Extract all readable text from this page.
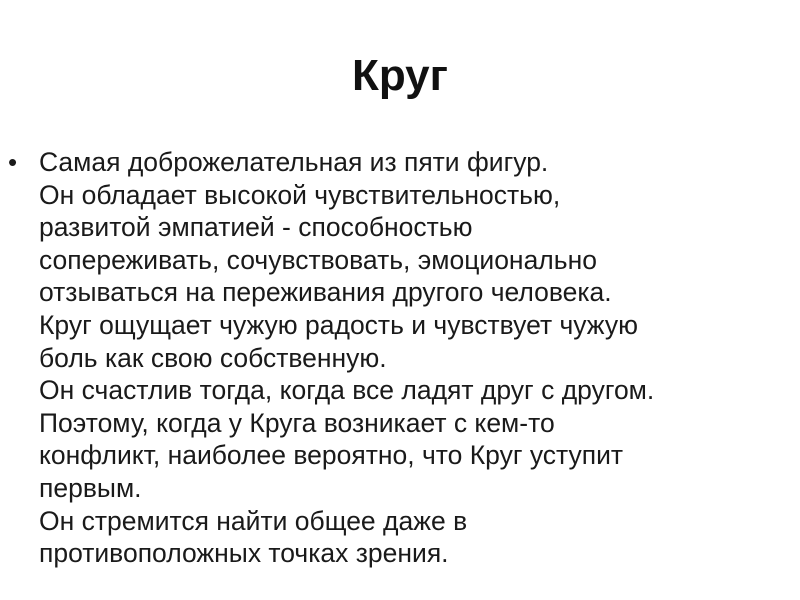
Круг
• Самая доброжелательная из пяти фигур.
Он обладает высокой чувствительностью,
развитой эмпатией - способностью
сопереживать, сочувствовать, эмоционально
отзываться на переживания другого человека.
Круг ощущает чужую радость и чувствует чужую
боль как свою собственную.
Он счастлив тогда, когда все ладят друг с другом.
Поэтому, когда у Круга возникает с кем-то
конфликт, наиболее вероятно, что Круг уступит
первым.
Он стремится найти общее даже в
противоположных точках зрения.
